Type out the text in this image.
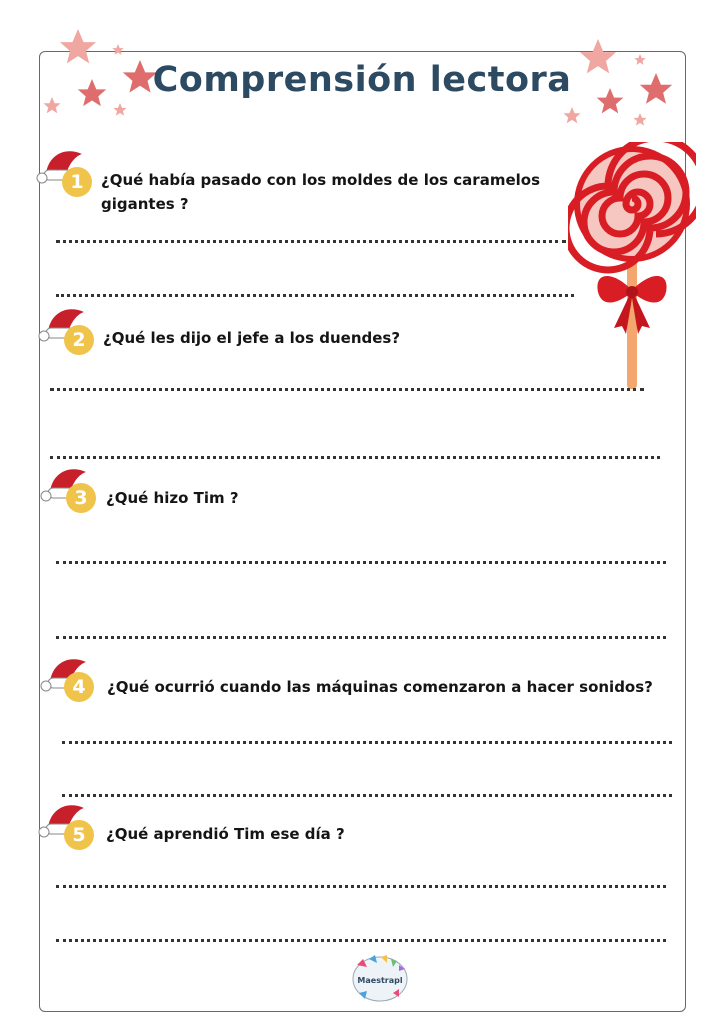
Comprensión lectora
1	¿Qué había pasado con los moldes de los caramelos gigantes ?

2	¿Qué les dijo el jefe a los duendes?

3	¿Qué hizo Tim ?

4	¿Qué ocurrió cuando las máquinas comenzaron a hacer sonidos?

5	¿Qué aprendió Tim ese día ?

Maestrapl
